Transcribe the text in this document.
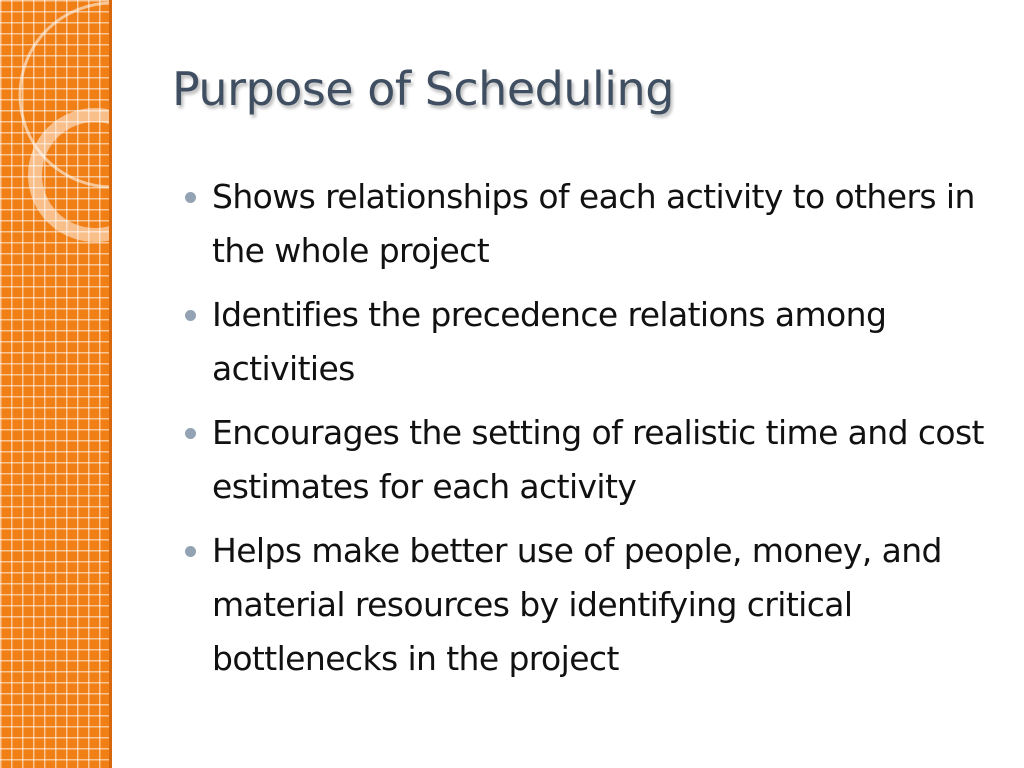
Purpose of Scheduling
Shows relationships of each activity to others in the whole project
Identifies the precedence relations among activities
Encourages the setting of realistic time and cost estimates for each activity
Helps make better use of people, money, and material resources by identifying critical bottlenecks in the project
